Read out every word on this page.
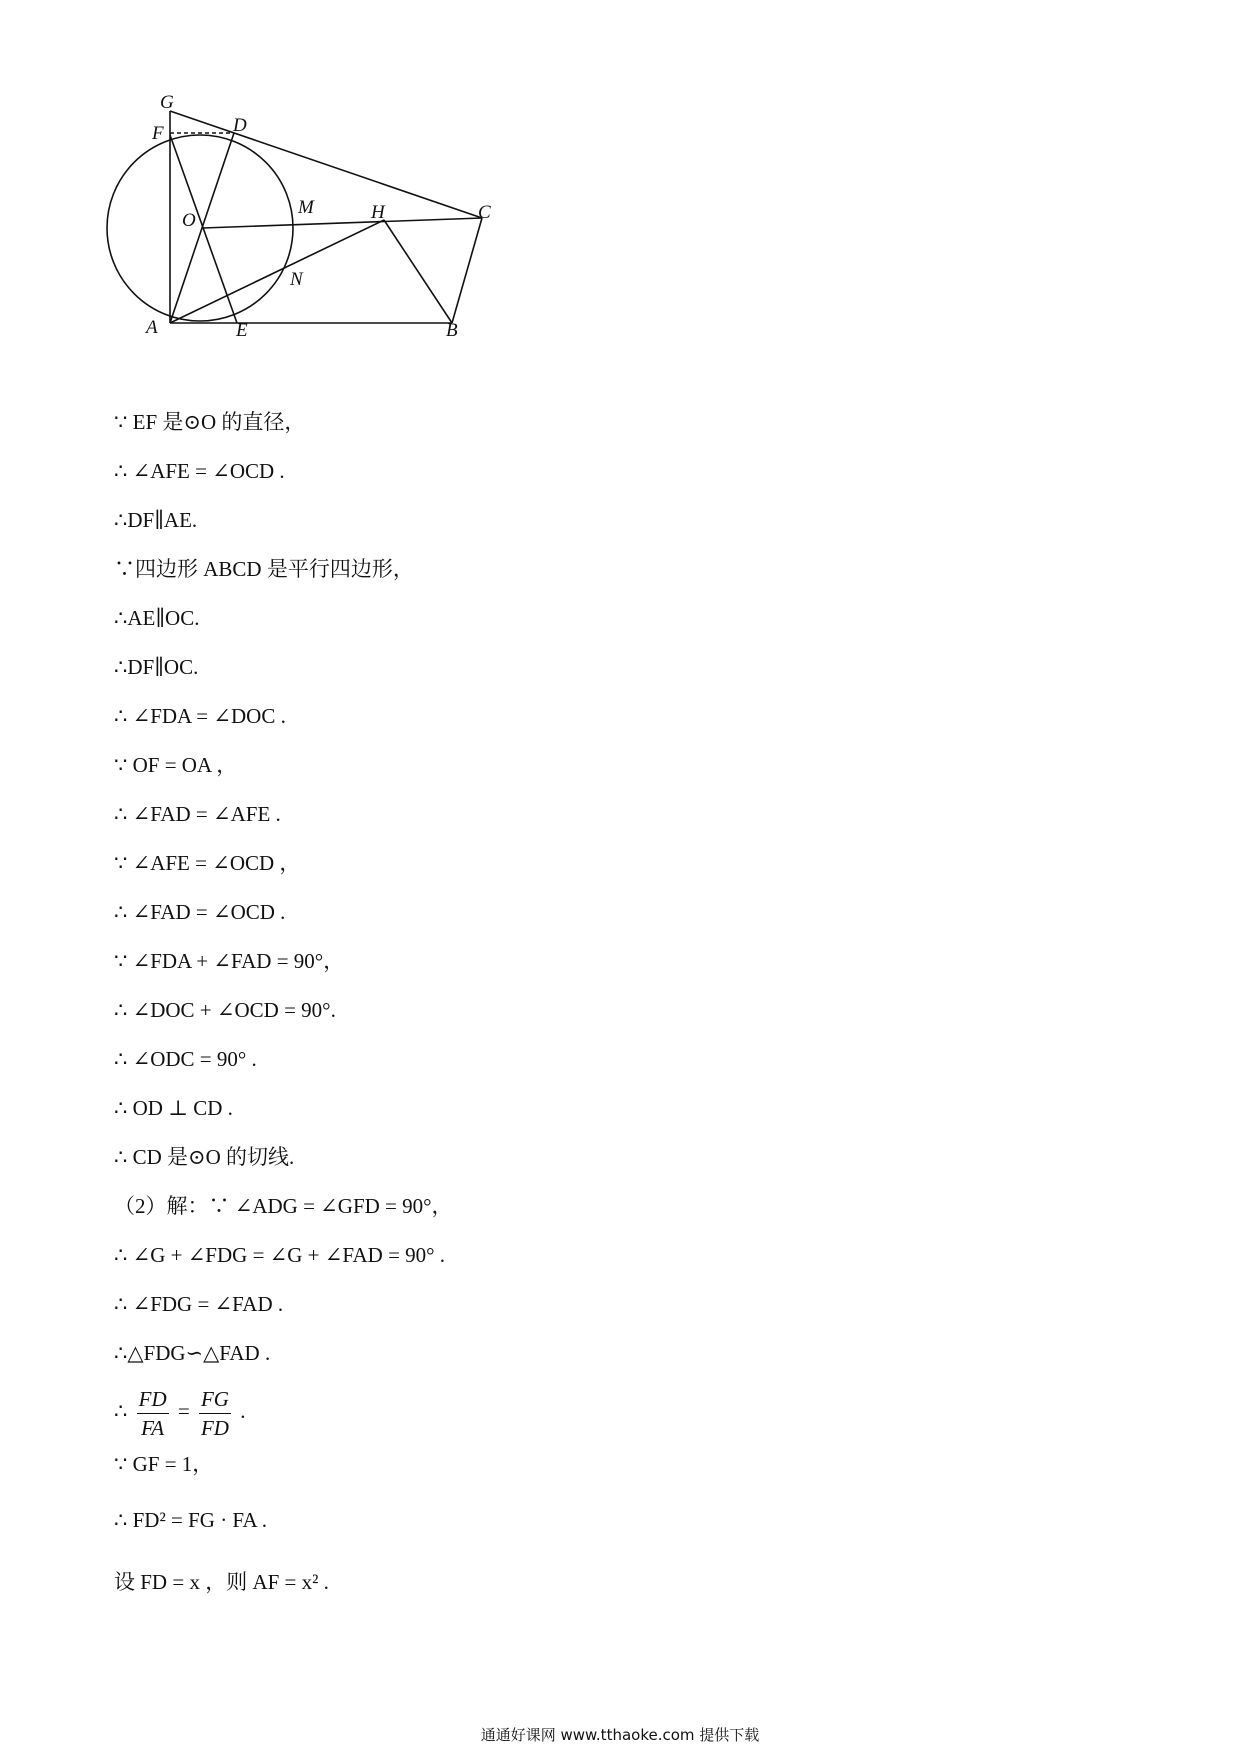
G
F	D
O
M	H	C
N
A	E	B
∵ EF 是⊙O 的直径，
∴ ∠AFE = ∠OCD .
∴DF∥AE.
∵四边形 ABCD 是平行四边形，
∴AE∥OC.
∴DF∥OC.
∴ ∠FDA = ∠DOC .
∵ OF = OA ，
∴ ∠FAD = ∠AFE .
∵ ∠AFE = ∠OCD ，
∴ ∠FAD = ∠OCD .
∵ ∠FDA + ∠FAD = 90°，
∴ ∠DOC + ∠OCD = 90°.
∴ ∠ODC = 90° .
∴ OD ⊥ CD .
∴ CD 是⊙O 的切线.
（2）解：∵ ∠ADG = ∠GFD = 90°，
∴ ∠G + ∠FDG = ∠G + ∠FAD = 90° .
∴ ∠FDG = ∠FAD .
∴△FDG∽△FAD .
∴ $\frac{FD}{FA} = \frac{FG}{FD}$ .
∵ GF = 1，
∴ FD² = FG · FA .
设 FD = x ，则 AF = x² .
通通好课网 www.tthaoke.com 提供下载
